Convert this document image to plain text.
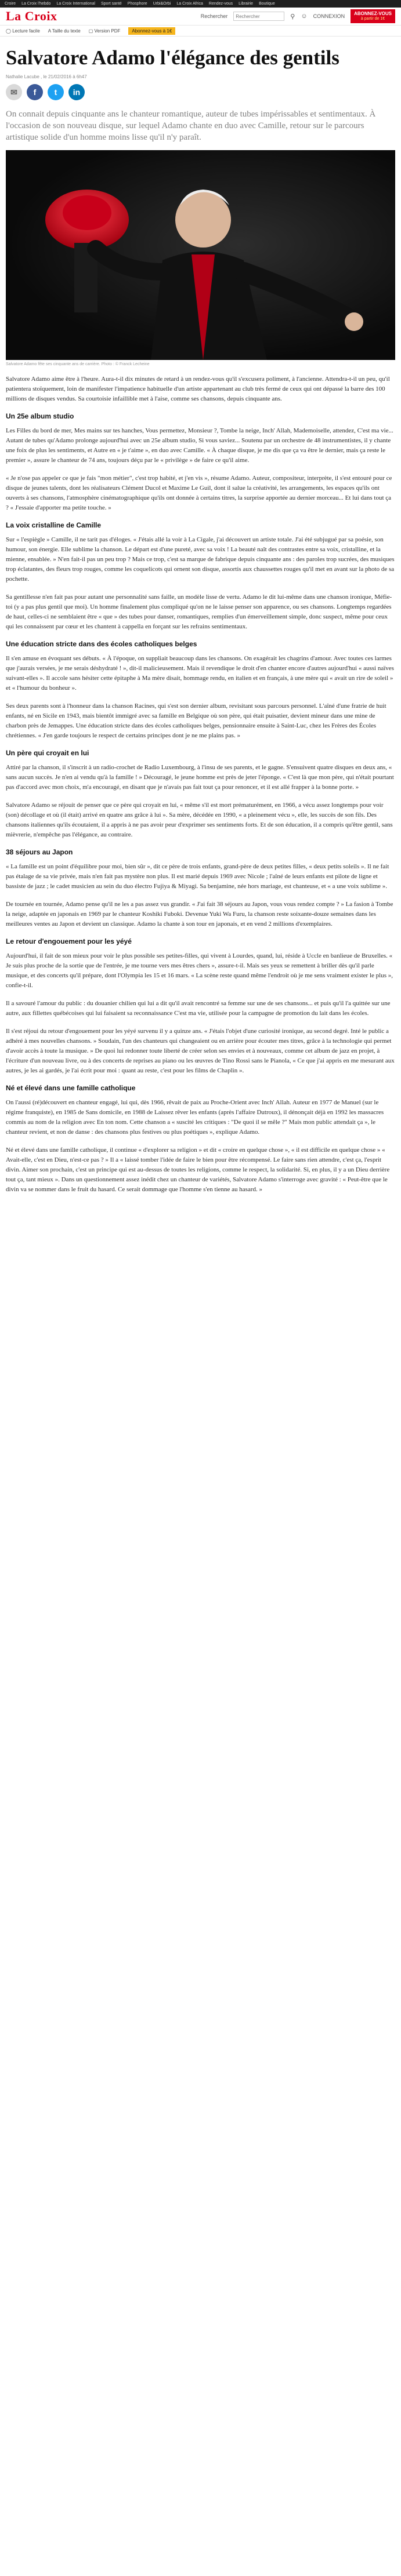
Croire La Croix l'hebdo La Croix International Sport santé Phosphore Urbi&Orbi La Croix Africa Rendez-vous Librairie Boutique
La Croix	Rechercher
Rechercher	⚲ ☺ CONNEXION	ABONNEZ-VOUS
à partir de 1€
◯ Lecture facile A Taille du texte ▢ Version PDF	Abonnez-vous à 1€
Salvatore Adamo l'élégance des gentils
Nathalie Lacube , le 21/02/2016 à 6h47
✉	f	t	in

On connait depuis cinquante ans le chanteur romantique, auteur de tubes impérissables et sentimentaux. À l'occasion de son nouveau disque, sur lequel Adamo chante en duo avec Camille, retour sur le parcours artistique solide d'un homme moins lisse qu'il n'y paraît.

Salvatore Adamo fête ses cinquante ans de carrière. Photo : © Franck Lecheine

Salvatore Adamo aime être à l'heure. Aura-t-il dix minutes de retard à un rendez-vous qu'il s'excusera poliment, à l'ancienne. Attendra-t-il un peu, qu'il patientera stoïquement, loin de manifester l'impatience habituelle d'un artiste appartenant au club très fermé de ceux qui ont dépassé la barre des 100 millions de disques vendus. Sa courtoisie infaillible met à l'aise, comme ses chansons, depuis cinquante ans.

Un 25e album studio

Les Filles du bord de mer, Mes mains sur tes hanches, Vous permettez, Monsieur ?, Tombe la neige, Inch' Allah, Mademoiselle, attendez, C'est ma vie... Autant de tubes qu'Adamo prolonge aujourd'hui avec un 25e album studio, Si vous saviez... Soutenu par un orchestre de 48 instrumentistes, il y chante une foix de plus les sentiments, et Autre en « je t'aime », en duo avec Camille. « À chaque disque, je me dis que ça va être le dernier, mais ça reste le premier », assure le chanteur de 74 ans, toujours déçu par le « privilège » de faire ce qu'il aime.

« Je n'ose pas appeler ce que je fais "mon métier", c'est trop habité, et j'en vis », résume Adamo. Auteur, compositeur, interprète, il s'est entouré pour ce disque de jeunes talents, dont les réalisateurs Clément Ducol et Maxime Le Guil, dont il salue la créativité, les arrangements, les espaces qu'ils ont ouverts à ses chansons, l'atmosphère cinématographique qu'ils ont donnée à certains titres, la surprise apportée au dernier morceau... Et lui dans tout ça ? « J'essaie d'apporter ma petite touche. »

La voix cristalline de Camille

Sur « l'espiègle » Camille, il ne tarit pas d'éloges. « J'étais allé la voir à La Cigale, j'ai découvert un artiste totale. J'ai été subjugué par sa poésie, son humour, son énergie. Elle sublime la chanson. Le départ est d'une pureté, avec sa voix ! La beauté naît des contrastes entre sa voix, cristalline, et la mienne, ensablée. » N'en fait-il pas un peu trop ? Mais ce trop, c'est sa marque de fabrique depuis cinquante ans : des paroles trop sucrées, des musiques trop éclatantes, des fleurs trop rouges, comme les coquelicots qui ornent son disque, assortis aux chaussettes rouges qu'il met en avant sur la photo de sa pochette.

Sa gentillesse n'en fait pas pour autant une personnalité sans faille, un modèle lisse de vertu. Adamo le dit lui-même dans une chanson ironique, Méfie-toi (y a pas plus gentil que moi). Un homme finalement plus compliqué qu'on ne le laisse penser son apparence, ou ses chansons. Longtemps regardées de haut, celles-ci ne semblaient être « que » des tubes pour danser, romantiques, remplies d'un émerveillement simple, donc suspect, même pour ceux qui les connaissent par cœur et les chantent à cappella en forçant sur les refrains sentimentaux.

Une éducation stricte dans des écoles catholiques belges

Il s'en amuse en évoquant ses débuts. « À l'époque, on suppliait beaucoup dans les chansons. On exagérait les chagrins d'amour. Avec toutes ces larmes que j'aurais versées, je me serais déshydraté ! », dit-il malicieusement. Mais il revendique le droit d'en chanter encore d'autres aujourd'hui « aussi naïves suivant-elles ». Il accole sans hésiter cette épitaphe à Ma mère disait, hommage rendu, en italien et en français, à une mère qui « avait un rire de soleil » et « l'humour du bonheur ».

Ses deux parents sont à l'honneur dans la chanson Racines, qui s'est son dernier album, revisitant sous parcours personnel. L'aîné d'une fratrie de huit enfants, né en Sicile en 1943, mais bientôt immigré avec sa famille en Belgique où son père, qui était puisatier, devient mineur dans une mine de charbon près de Jemappes. Une éducation stricte dans des écoles catholiques belges, pensionnaire ensuite à Saint-Luc, chez les Frères des Écoles chrétiennes. « J'en garde toujours le respect de certains principes dont je ne me plains pas. »

Un père qui croyait en lui

Attiré par la chanson, il s'inscrit à un radio-crochet de Radio Luxembourg, à l'insu de ses parents, et le gagne. S'ensuivent quatre disques en deux ans, « sans aucun succès. Je n'en ai vendu qu'à la famille ! » Découragé, le jeune homme est près de jeter l'éponge. « C'est là que mon père, qui n'était pourtant pas d'accord avec mon choix, m'a encouragé, en disant que je n'avais pas fait tout ça pour renoncer, et il est allé frapper à la bonne porte. »

Salvatore Adamo se réjouit de penser que ce père qui croyait en lui, « même s'il est mort prématurément, en 1966, a vécu assez longtemps pour voir (son) décollage et où (il était) arrivé en quatre ans grâce à lui ». Sa mère, décédée en 1990, « a pleinement vécu », elle, les succès de son fils. Des chansons italiennes qu'ils écoutaient, il a appris à ne pas avoir peur d'exprimer ses sentiments forts. Et de son éducation, il a compris qu'être gentil, sans mièvrerie, n'empêche pas l'élégance, au contraire.

38 séjours au Japon

« La famille est un point d'équilibre pour moi, bien sûr », dit ce père de trois enfants, grand-père de deux petites filles, « deux petits soleils ». Il ne fait pas étalage de sa vie privée, mais n'en fait pas mystère non plus. Il est marié depuis 1969 avec Nicole ; l'aîné de leurs enfants est pilote de ligne et bassiste de jazz ; le cadet musicien au sein du duo électro Fujiya & Miyagi. Sa benjamine, née hors mariage, est chanteuse, et « a une voix sublime ».

De tournée en tournée, Adamo pense qu'il ne les a pas assez vus grandir. « J'ai fait 38 séjours au Japon, vous vous rendez compte ? » La fasion à Tombe la neige, adaptée en japonais en 1969 par le chanteur Koshiki Fuboki. Devenue Yuki Wa Furu, la chanson reste soixante-douze semaines dans les meilleures ventes au Japon et devient un classique. Adamo la chante à son tour en japonais, et en vend 2 millions d'exemplaires.

Le retour d'engouement pour les yéyé

Aujourd'hui, il fait de son mieux pour voir le plus possible ses petites-filles, qui vivent à Lourdes, quand, lui, réside à Uccle en banlieue de Bruxelles. « Je suis plus proche de la sortie que de l'entrée, je me tourne vers mes êtres chers », assure-t-il. Mais ses yeux se remettent à briller dès qu'il parle musique, et des concerts qu'il prépare, dont l'Olympia les 15 et 16 mars. « La scène reste quand même l'endroit où je me sens vraiment exister le plus », confie-t-il.

Il a savouré l'amour du public : du douanier chilien qui lui a dit qu'il avait rencontré sa femme sur une de ses chansons... et puis qu'il l'a quittée sur une autre, aux fillettes québécoises qui lui faisaient sa reconnaissance C'est ma vie, utilisée pour la campagne de promotion du lait dans les écoles.

Il s'est réjoui du retour d'engouement pour les yéyé survenu il y a quinze ans. « J'étais l'objet d'une curiosité ironique, au second degré. Inté le public a adhéré à mes nouvelles chansons. » Soudain, l'un des chanteurs qui changeaient ou en arrière pour écouter mes titres, grâce à la technologie qui permet d'avoir accès à toute la musique. » De quoi lui redonner toute liberté de créer selon ses envies et à nouveaux, comme cet album de jazz en projet, à l'écriture d'un nouveau livre, ou à des concerts de reprises au piano ou les œuvres de Tino Rossi sans le Pianola, « Ce que j'ai appris en me mesurant aux autres, je les ai gardés, je l'ai écrit pour moi : quant au reste, c'est pour les films de Chaplin ».

Né et élevé dans une famille catholique

On l'aussi (ré)découvert en chanteur engagé, lui qui, dès 1966, rêvait de paix au Proche-Orient avec Inch' Allah. Auteur en 1977 de Manuel (sur le régime franquiste), en 1985 de Sans domicile, en 1988 de Laissez rêver les enfants (après l'affaire Dutroux), il dénonçait déjà en 1992 les massacres commis au nom de la religion avec En ton nom. Cette chanson a « suscité les critiques : "De quoi il se mêle ?" Mais mon public attendait ça », le chanteur revient, et non de danse : des chansons plus festives ou plus poétiques », explique Adamo.

Né et élevé dans une famille catholique, il continue « d'explorer sa religion » et dit « croire en quelque chose », « il est difficile en quelque chose » « Avait-elle, c'est en Dieu, n'est-ce pas ? » Il a « laissé tomber l'idée de faire le bien pour être récompensé. Le faire sans rien attendre, c'est ça, l'esprit divin. Aimer son prochain, c'est un principe qui est au-dessus de toutes les religions, comme le respect, la solidarité. Si, en plus, il y a un Dieu derrière tout ça, tant mieux ». Dans un questionnement assez inédit chez un chanteur de variétés, Salvatore Adamo s'interroge avec gravité : « Peut-être que le divin va se nommer dans le fruit du hasard. Ce serait dommage que l'homme s'en tienne au hasard. »
